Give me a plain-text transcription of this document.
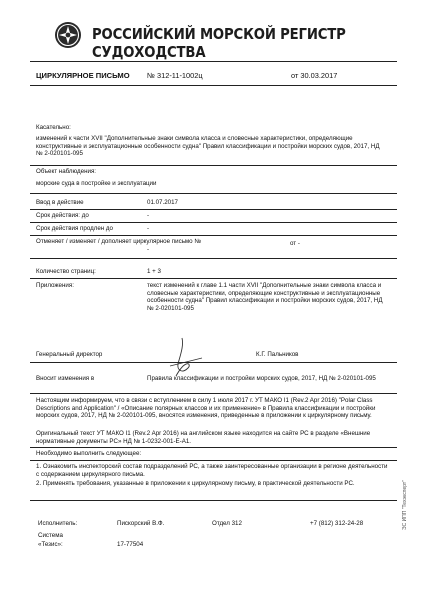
РОССИЙСКИЙ МОРСКОЙ РЕГИСТР СУДОХОДСТВА
ЦИРКУЛЯРНОЕ ПИСЬМО № 312-11-1002ц	от 30.03.2017
Касательно:
изменений к части XVII "Дополнительные знаки символа класса и словесные характеристики, определяющие конструктивные и эксплуатационные особенности судна" Правил классификации и постройки морских судов, 2017, НД № 2-020101-095
Объект наблюдения:
морские суда в постройке и эксплуатации
Ввод в действие	01.07.2017
Срок действия: до	-
Срок действия продлен до	-
Отменяет / изменяет / дополняет циркулярное письмо №
-
от -
Количество страниц:	1 + 3
Приложения:	текст изменений к главе 1.1 части XVII "Дополнительные знаки символа класса и словесные характеристики, определяющие конструктивные и эксплуатационные особенности судна" Правил классификации и постройки морских судов, 2017, НД № 2-020101-095
Генеральный директор	К.Г. Пальников
Вносит изменения в	Правила классификации и постройки морских судов, 2017, НД № 2-020101-095
Настоящим информируем, что в связи с вступлением в силу 1 июля 2017 г. УТ МАКО I1 (Rev.2 Apr 2016) "Polar Class Descriptions and Application" / «Описание полярных классов и их применение» в Правила классификации и постройки морских судов, 2017, НД № 2-020101-095, вносятся изменения, приведенные в приложении к циркулярному письму.
Оригинальный текст УТ МАКО I1 (Rev.2 Apr 2016) на английском языке находится на сайте РС в разделе «Внешние нормативные документы РС» НД № 1-0232-001-E-A1.
Необходимо выполнить следующее:
1. Ознакомить инспекторский состав подразделений РС, а также заинтересованные организации в регионе деятельности с содержанием циркулярного письма.
2. Применять требования, указанные в приложении к циркулярному письму, в практической деятельности РС.
Исполнитель:	Пискорский В.Ф.	Отдел 312	+7 (812) 312-24-28
Система
«Тезис»:	17-77504
ЭС ИПП "Техэксперт"
